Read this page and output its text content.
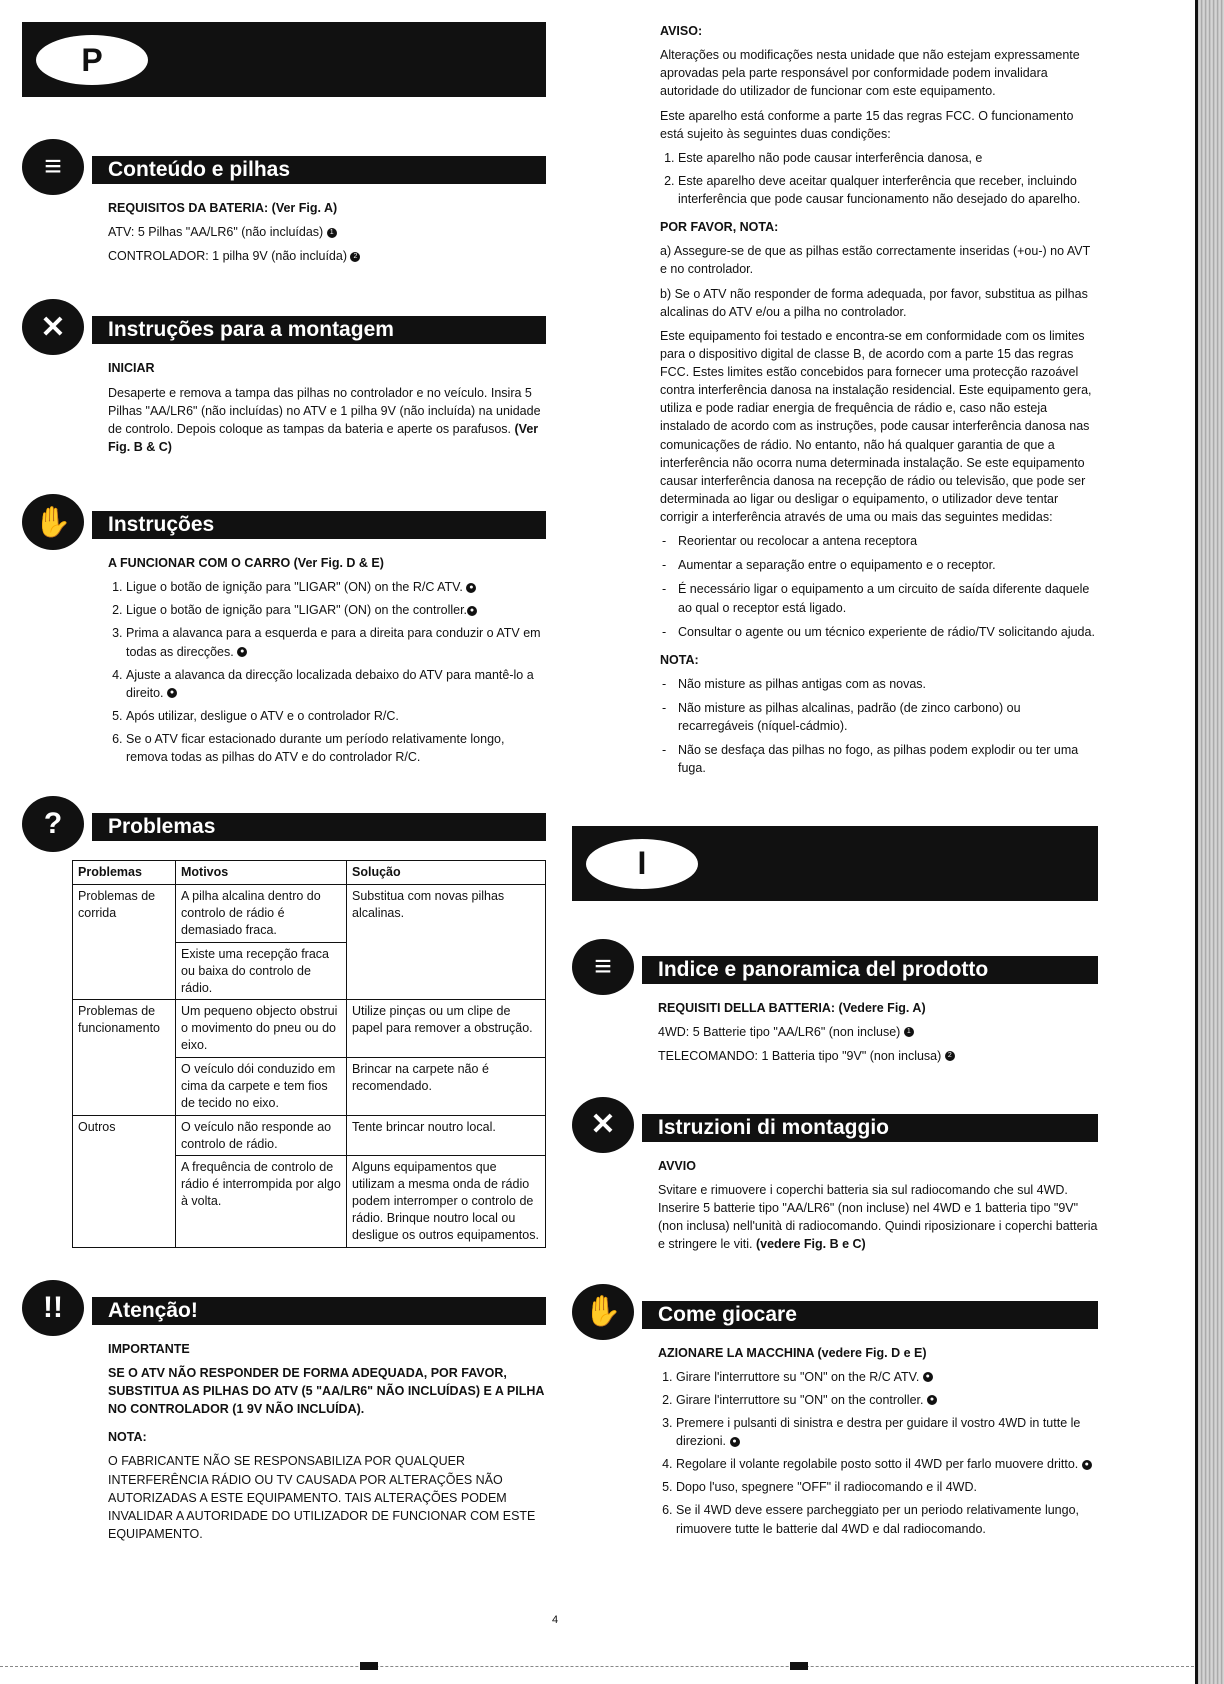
P
≡	Conteúdo e pilhas
REQUISITOS DA BATERIA: (Ver Fig. A)

ATV: 5 Pilhas "AA/LR6" (não incluídas) 1

CONTROLADOR: 1 pilha 9V (não incluída) 2

✕	Instruções para a montagem
INICIAR

Desaperte e remova a tampa das pilhas no controlador e no veículo. Insira 5 Pilhas "AA/LR6" (não incluídas) no ATV e 1 pilha 9V (não incluída) na unidade de controlo. Depois coloque as tampas da bateria e aperte os parafusos. (Ver Fig. B & C)

✋	Instruções
A FUNCIONAR COM O CARRO (Ver Fig. D & E)
1. Ligue o botão de ignição para "LIGAR" (ON) on the R/C ATV. ●
2. Ligue o botão de ignição para "LIGAR" (ON) on the controller. ●
3. Prima a alavanca para a esquerda e para a direita para conduzir o ATV em todas as direcções. ●
4. Ajuste a alavanca da direcção localizada debaixo do ATV para mantê-lo a direito. ●
5. Após utilizar, desligue o ATV e o controlador R/C.
6. Se o ATV ficar estacionado durante um período relativamente longo, remova todas as pilhas do ATV e do controlador R/C.
?	Problemas
Problemas	Motivos	Solução
Problemas de corrida	A pilha alcalina dentro do controlo de rádio é demasiado fraca.	Substitua com novas pilhas alcalinas.
	Existe uma recepção fraca ou baixa do controlo de rádio.	
Problemas de funcionamento	Um pequeno objecto obstrui o movimento do pneu ou do eixo.	Utilize pinças ou um clipe de papel para remover a obstrução.
	O veículo dói conduzido em cima da carpete e tem fios de tecido no eixo.	Brincar na carpete não é recomendado.
Outros	O veículo não responde ao controlo de rádio.	Tente brincar noutro local.
	A frequência de controlo de rádio é interrompida por algo à volta.	Alguns equipamentos que utilizam a mesma onda de rádio podem interromper o controlo de rádio. Brinque noutro local ou desligue os outros equipamentos.
!!	Atenção!
IMPORTANTE

SE O ATV NÃO RESPONDER DE FORMA ADEQUADA, POR FAVOR, SUBSTITUA AS PILHAS DO ATV (5 "AA/LR6" NÃO INCLUÍDAS) E A PILHA NO CONTROLADOR (1 9V NÃO INCLUÍDA).

NOTA:

O FABRICANTE NÃO SE RESPONSABILIZA POR QUALQUER INTERFERÊNCIA RÁDIO OU TV CAUSADA POR ALTERAÇÕES NÃO AUTORIZADAS A ESTE EQUIPAMENTO. TAIS ALTERAÇÕES PODEM INVALIDAR A AUTORIDADE DO UTILIZADOR DE FUNCIONAR COM ESTE EQUIPAMENTO.

AVISO:

Alterações ou modificações nesta unidade que não estejam expressamente aprovadas pela parte responsável por conformidade podem invalidara autoridade do utilizador de funcionar com este equipamento.

Este aparelho está conforme a parte 15 das regras FCC. O funcionamento está sujeito às seguintes duas condições:

1. Este aparelho não pode causar interferência danosa, e
2. Este aparelho deve aceitar qualquer interferência que receber, incluindo interferência que pode causar funcionamento não desejado do aparelho.
POR FAVOR, NOTA:

a) Assegure-se de que as pilhas estão correctamente inseridas (+ou-) no AVT e no controlador.

b) Se o ATV não responder de forma adequada, por favor, substitua as pilhas alcalinas do ATV e/ou a pilha no controlador.

Este equipamento foi testado e encontra-se em conformidade com os limites para o dispositivo digital de classe B, de acordo com a parte 15 das regras FCC. Estes limites estão concebidos para fornecer uma protecção razoável contra interferência danosa na instalação residencial. Este equipamento gera, utiliza e pode radiar energia de frequência de rádio e, caso não esteja instalado de acordo com as instruções, pode causar interferência danosa nas comunicações de rádio. No entanto, não há qualquer garantia de que a interferência não ocorra numa determinada instalação. Se este equipamento causar interferência danosa na recepção de rádio ou televisão, que pode ser determinada ao ligar ou desligar o equipamento, o utilizador deve tentar corrigir a interferência através de uma ou mais das seguintes medidas:

- Reorientar ou recolocar a antena receptora
- Aumentar a separação entre o equipamento e o receptor.
- É necessário ligar o equipamento a um circuito de saída diferente daquele ao qual o receptor está ligado.
- Consultar o agente ou um técnico experiente de rádio/TV solicitando ajuda.
NOTA:
- Não misture as pilhas antigas com as novas.
- Não misture as pilhas alcalinas, padrão (de zinco carbono) ou recarregáveis (níquel-cádmio).
- Não se desfaça das pilhas no fogo, as pilhas podem explodir ou ter uma fuga.
I
≡	Indice e panoramica del prodotto
REQUISITI DELLA BATTERIA: (Vedere Fig. A)

4WD: 5 Batterie tipo "AA/LR6" (non incluse) 1

TELECOMANDO: 1 Batteria tipo "9V" (non inclusa) 2

✕	Istruzioni di montaggio
AVVIO

Svitare e rimuovere i coperchi batteria sia sul radiocomando che sul 4WD. Inserire 5 batterie tipo "AA/LR6" (non incluse) nel 4WD e 1 batteria tipo "9V" (non inclusa) nell'unità di radiocomando. Quindi riposizionare i coperchi batteria e stringere le viti. (vedere Fig. B e C)

✋	Come giocare
AZIONARE LA MACCHINA (vedere Fig. D e E)
1. Girare l'interruttore su "ON" on the R/C ATV. ●
2. Girare l'interruttore su "ON" on the controller. ●
3. Premere i pulsanti di sinistra e destra per guidare il vostro 4WD in tutte le direzioni. ●
4. Regolare il volante regolabile posto sotto il 4WD per farlo muovere dritto. ●
5. Dopo l'uso, spegnere "OFF" il radiocomando e il 4WD.
6. Se il 4WD deve essere parcheggiato per un periodo relativamente lungo, rimuovere tutte le batterie dal 4WD e dal radiocomando.
4
